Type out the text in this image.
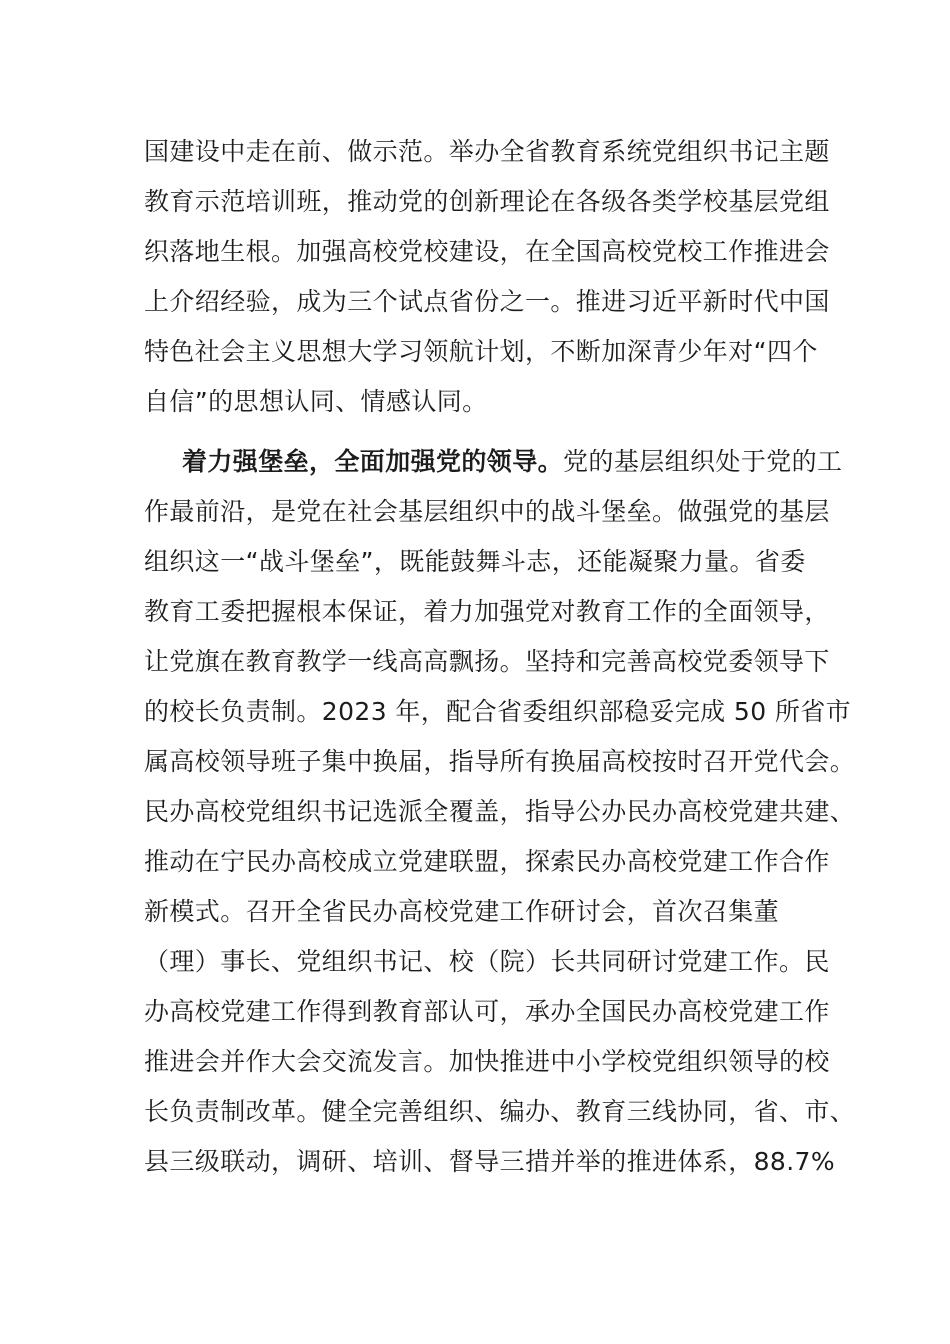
国建设中走在前、做示范。举办全省教育系统党组织书记主题
教育示范培训班，推动党的创新理论在各级各类学校基层党组
织落地生根。加强高校党校建设，在全国高校党校工作推进会
上介绍经验，成为三个试点省份之一。推进习近平新时代中国
特色社会主义思想大学习领航计划，不断加深青少年对“四个
自信”的思想认同、情感认同。
着力强堡垒，全面加强党的领导。党的基层组织处于党的工
作最前沿，是党在社会基层组织中的战斗堡垒。做强党的基层
组织这一“战斗堡垒”，既能鼓舞斗志，还能凝聚力量。省委
教育工委把握根本保证，着力加强党对教育工作的全面领导，
让党旗在教育教学一线高高飘扬。坚持和完善高校党委领导下
的校长负责制。2023 年，配合省委组织部稳妥完成 50 所省市
属高校领导班子集中换届，指导所有换届高校按时召开党代会。
民办高校党组织书记选派全覆盖，指导公办民办高校党建共建、
推动在宁民办高校成立党建联盟，探索民办高校党建工作合作
新模式。召开全省民办高校党建工作研讨会，首次召集董
（理）事长、党组织书记、校（院）长共同研讨党建工作。民
办高校党建工作得到教育部认可，承办全国民办高校党建工作
推进会并作大会交流发言。加快推进中小学校党组织领导的校
长负责制改革。健全完善组织、编办、教育三线协同，省、市、
县三级联动，调研、培训、督导三措并举的推进体系，88.7%
